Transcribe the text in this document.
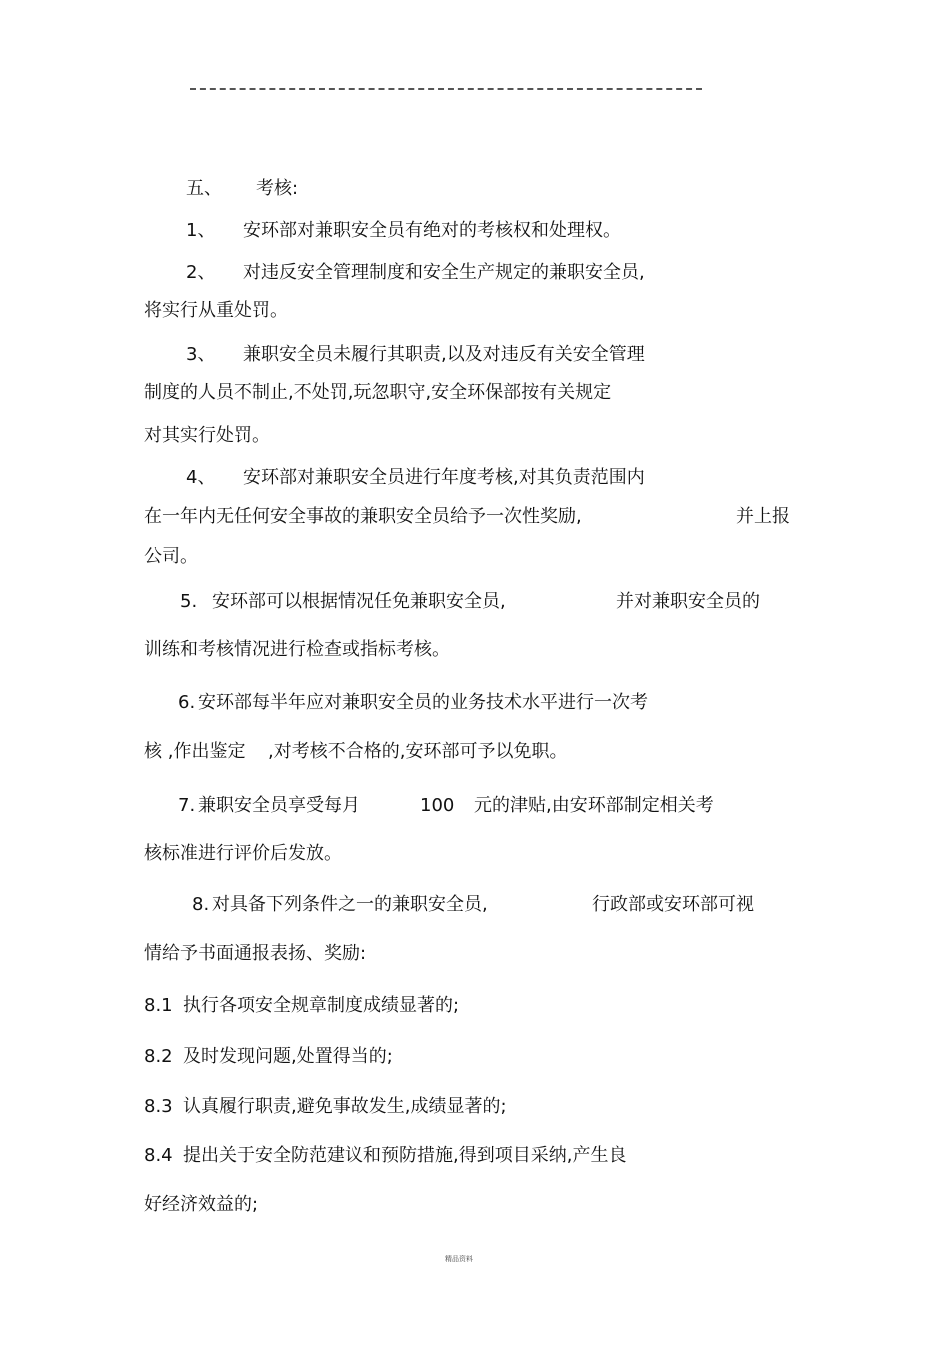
五、 考核:
1、 安环部对兼职安全员有绝对的考核权和处理权。
2、 对违反安全管理制度和安全生产规定的兼职安全员,
将实行从重处罚。
3、 兼职安全员未履行其职责,以及对违反有关安全管理
制度的人员不制止,不处罚,玩忽职守,安全环保部按有关规定
对其实行处罚。
4、 安环部对兼职安全员进行年度考核,对其负责范围内
在一年内无任何安全事故的兼职安全员给予一次性奖励,	并上报
公司。
5. 安环部可以根据情况任免兼职安全员,	并对兼职安全员的
训练和考核情况进行检查或指标考核。
6. 安环部每半年应对兼职安全员的业务技术水平进行一次考
核 ,作出鉴定 ,对考核不合格的,安环部可予以免职。
7. 兼职安全员享受每月	100 元的津贴,由安环部制定相关考
核标准进行评价后发放。
8. 对具备下列条件之一的兼职安全员,	行政部或安环部可视
情给予书面通报表扬、奖励:
8.1 执行各项安全规章制度成绩显著的;
8.2 及时发现问题,处置得当的;
8.3 认真履行职责,避免事故发生,成绩显著的;
8.4 提出关于安全防范建议和预防措施,得到项目采纳,产生良
好经济效益的;
精品资料
